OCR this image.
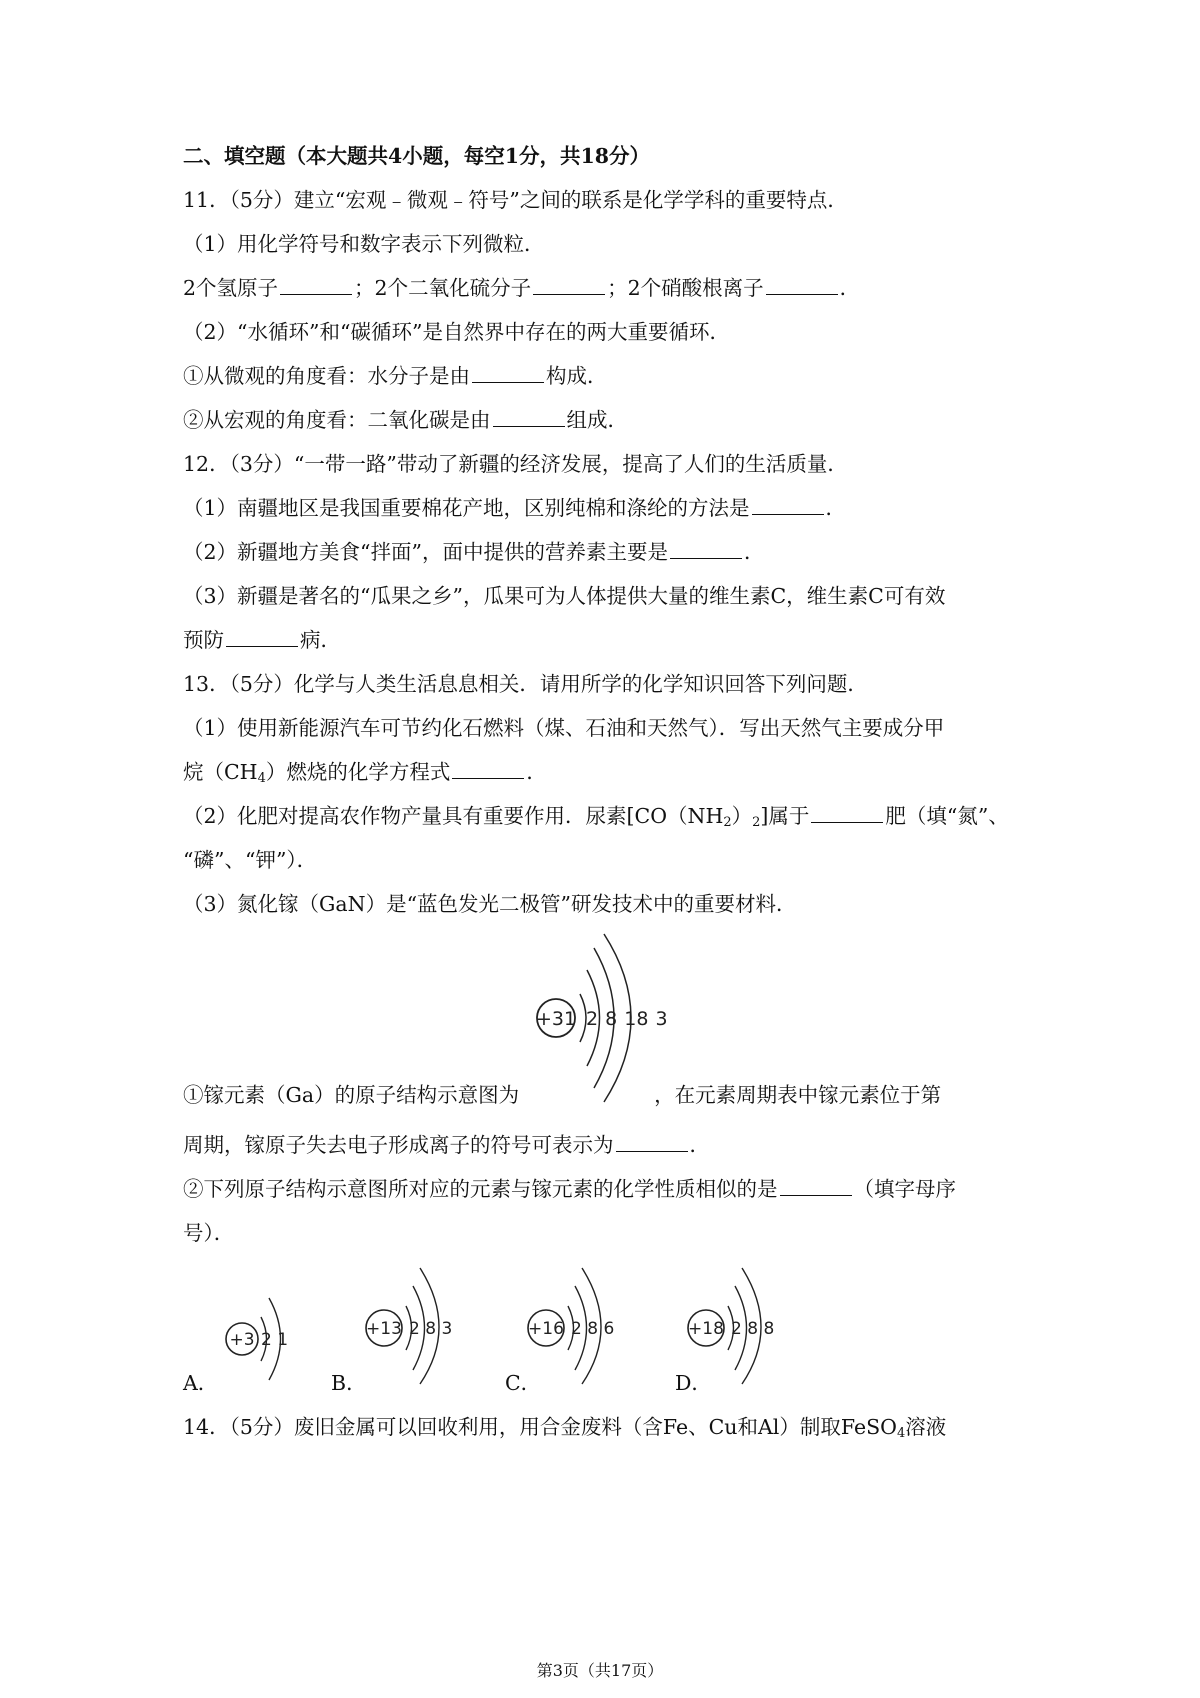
二、填空题（本大题共4小题，每空1分，共18分）
11．（5分）建立“宏观﹣微观﹣符号”之间的联系是化学学科的重要特点．
（1）用化学符号和数字表示下列微粒．
2个氢原子	；2个二氧化硫分子	；2个硝酸根离子	．
（2）“水循环”和“碳循环”是自然界中存在的两大重要循环．
①从微观的角度看：水分子是由	构成．
②从宏观的角度看：二氧化碳是由	组成．
12．（3分）“一带一路”带动了新疆的经济发展，提高了人们的生活质量．
（1）南疆地区是我国重要棉花产地，区别纯棉和涤纶的方法是	．
（2）新疆地方美食“拌面”，面中提供的营养素主要是	．
（3）新疆是著名的“瓜果之乡”，瓜果可为人体提供大量的维生素C，维生素C可有效
预防	病．
13．（5分）化学与人类生活息息相关．请用所学的化学知识回答下列问题．
（1）使用新能源汽车可节约化石燃料（煤、石油和天然气）．写出天然气主要成分甲
烷$(CH_4)$燃烧的化学方程式	．
（2）化肥对提高农作物产量具有重要作用．尿素$[CO(NH_2)_2]$属于	肥（填“氮”、
“磷”、“钾”）．
（3）氮化镓（GaN）是“蓝色发光二极管”研发技术中的重要材料．
+31 2 8 18 3
①镓元素（Ga）的原子结构示意图为	，在元素周期表中镓元素位于第
周期，镓原子失去电子形成离子的符号可表示为	．
②下列原子结构示意图所对应的元素与镓元素的化学性质相似的是	（填字母序
号）．
+3 2 1
+13 2 8 3	+16 2 8 6	+18 2 8 8
A．	B．	C．	D．
14．（5分）废旧金属可以回收利用，用合金废料（含Fe、Cu和Al）制取FeSO$_4$溶液
第3页（共17页）
